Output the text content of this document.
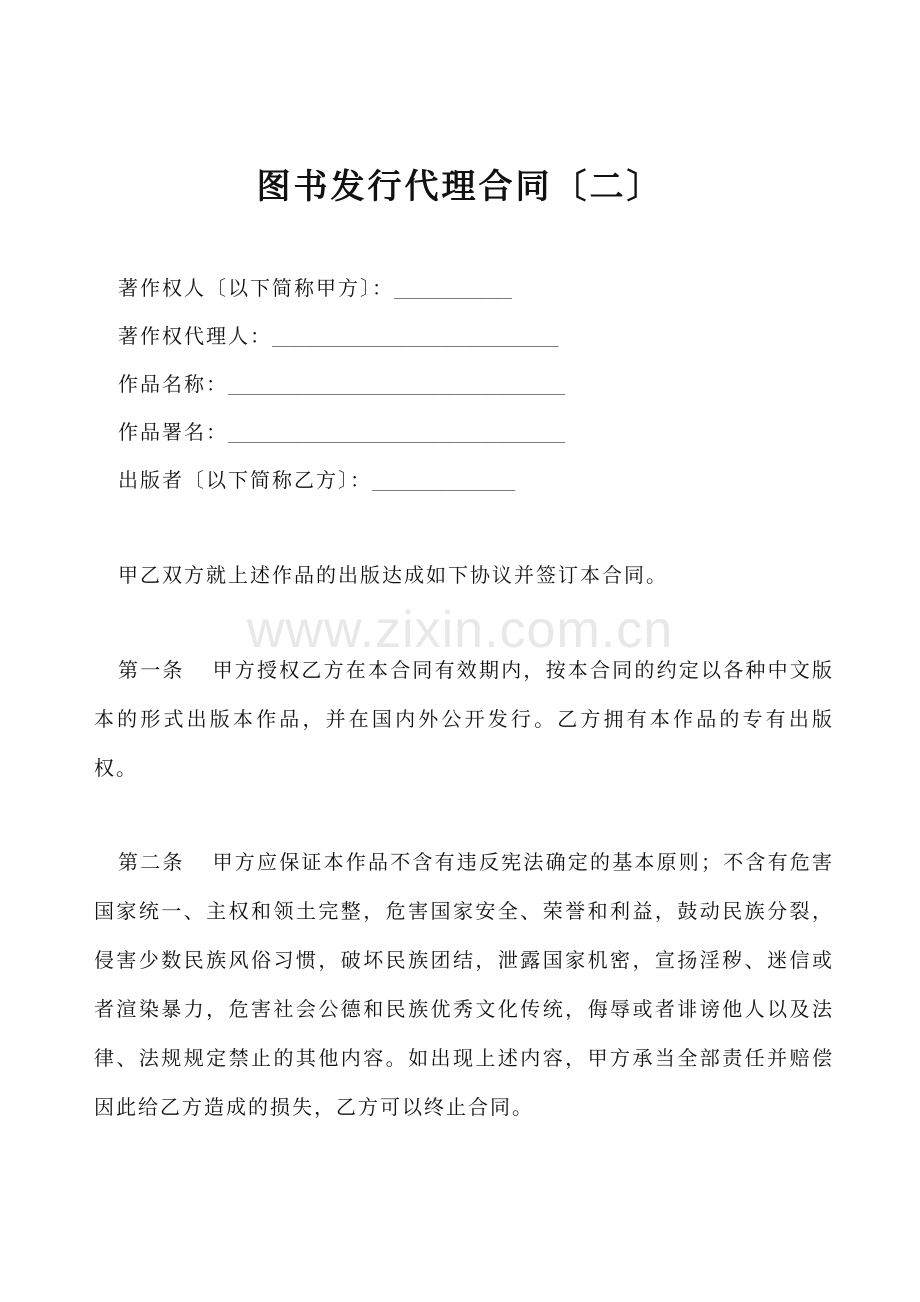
图书发行代理合同〔二〕
著作权人〔以下简称甲方〕：______________
著作权代理人：__________________________________
作品名称：________________________________________
作品署名：________________________________________
出版者〔以下简称乙方〕：_________________
甲乙双方就上述作品的出版达成如下协议并签订本合同。
www.zixin.com.cn
第一条 甲方授权乙方在本合同有效期内，按本合同的约定以各种中文版本的形式出版本作品，并在国内外公开发行。乙方拥有本作品的专有出版权。
第二条 甲方应保证本作品不含有违反宪法确定的基本原则；不含有危害国家统一、主权和领土完整，危害国家安全、荣誉和利益，鼓动民族分裂，侵害少数民族风俗习惯，破坏民族团结，泄露国家机密，宣扬淫秽、迷信或者渲染暴力，危害社会公德和民族优秀文化传统，侮辱或者诽谤他人以及法律、法规规定禁止的其他内容。如出现上述内容，甲方承当全部责任并赔偿因此给乙方造成的损失，乙方可以终止合同。
